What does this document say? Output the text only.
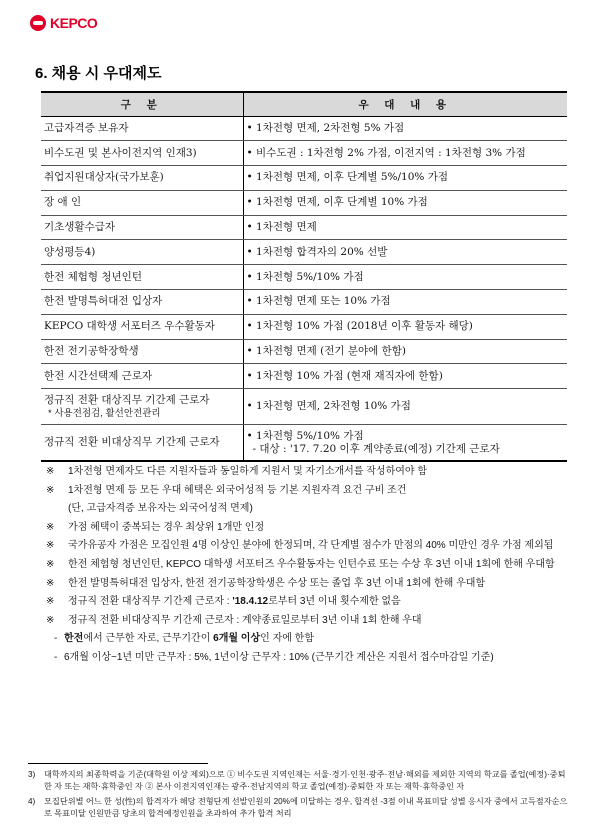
KEPCO
6. 채용 시 우대제도
구 분	우 대 내 용
고급자격증 보유자	• 1차전형 면제, 2차전형 5% 가점
비수도권 및 본사이전지역 인재3)	• 비수도권 : 1차전형 2% 가점, 이전지역 : 1차전형 3% 가점
취업지원대상자(국가보훈)	• 1차전형 면제, 이후 단계별 5%/10% 가점
장 애 인	• 1차전형 면제, 이후 단계별 10% 가점
기초생활수급자	• 1차전형 면제
양성평등4)	• 1차전형 합격자의 20% 선발
한전 체험형 청년인턴	• 1차전형 5%/10% 가점
한전 발명특허대전 입상자	• 1차전형 면제 또는 10% 가점
KEPCO 대학생 서포터즈 우수활동자	• 1차전형 10% 가점 (2018년 이후 활동자 해당)
한전 전기공학장학생	• 1차전형 면제 (전기 분야에 한함)
한전 시간선택제 근로자	• 1차전형 10% 가점 (현재 재직자에 한함)
정규직 전환 대상직무 기간제 근로자
* 사용전점검, 활선안전관리	• 1차전형 면제, 2차전형 10% 가점
정규직 전환 비대상직무 기간제 근로자	• 1차전형 5%/10% 가점
- 대상 : '17. 7.20 이후 계약종료(예정) 기간제 근로자
※ 1차전형 면제자도 다른 지원자들과 동일하게 지원서 및 자기소개서를 작성하여야 함
※ 1차전형 면제 등 모든 우대 혜택은 외국어성적 등 기본 지원자격 요건 구비 조건
(단, 고급자격증 보유자는 외국어성적 면제)
※ 가점 혜택이 중복되는 경우 최상위 1개만 인정
※ 국가유공자 가점은 모집인원 4명 이상인 분야에 한정되며, 각 단계별 점수가 만점의 40% 미만인 경우 가점 제외됨
※ 한전 체험형 청년인턴, KEPCO 대학생 서포터즈 우수활동자는 인턴수료 또는 수상 후 3년 이내 1회에 한해 우대함
※ 한전 발명특허대전 입상자, 한전 전기공학장학생은 수상 또는 졸업 후 3년 이내 1회에 한해 우대함
※ 정규직 전환 대상직무 기간제 근로자 : '18.4.12로부터 3년 이내 횟수제한 없음
※ 정규직 전환 비대상직무 기간제 근로자 : 계약종료일로부터 3년 이내 1회 한해 우대
- 한전에서 근무한 자로, 근무기간이 6개월 이상인 자에 한함
- 6개월 이상~1년 미만 근무자 : 5%, 1년이상 근무자 : 10% (근무기간 계산은 지원서 접수마감일 기준)
3) 대학까지의 최종학력을 기준(대학원 이상 제외)으로 ① 비수도권 지역인재는 서울·경기·인천·광주·전남·해외를 제외한 지역의 학교를 졸업(예정)·중퇴한 자 또는 재학·휴학중인 자 ② 본사 이전지역인재는 광주·전남지역의 학교 졸업(예정)·중퇴한 자 또는 재학·휴학중인 자
4) 모집단위별 어느 한 성(性)의 합격자가 해당 전형단계 선발인원의 20%에 미달하는 경우, 합격선 -3점 이내 목표미달 성별 응시자 중에서 고득점자순으로 목표미달 인원만큼 당초의 합격예정인원을 초과하여 추가 합격 처리
